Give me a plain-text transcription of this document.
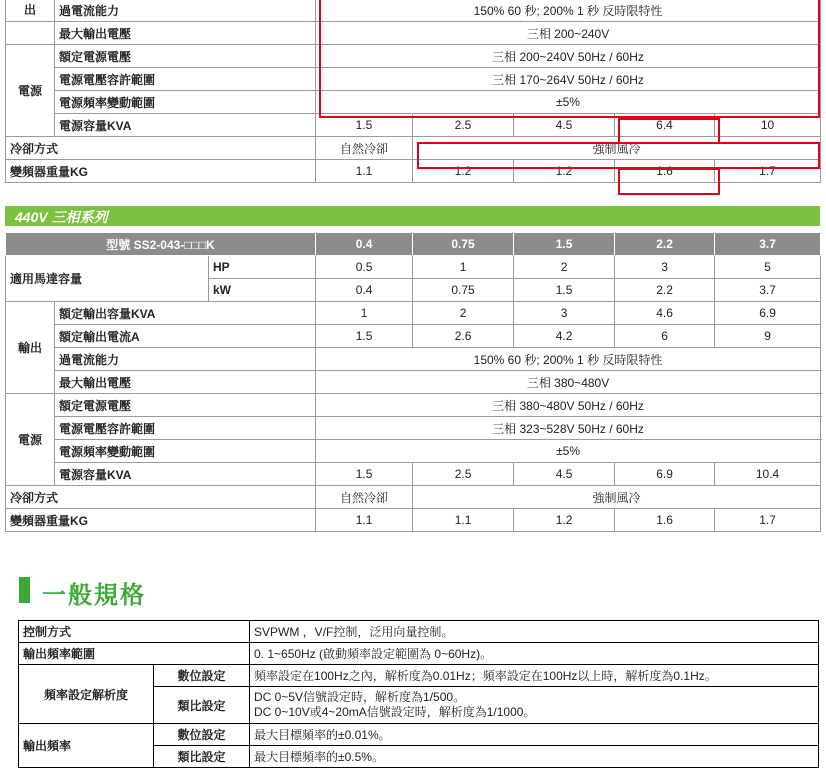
出	過電流能力	150% 60 秒; 200% 1 秒 反時限特性				
	最大輸出電壓	三相 200~240V				
電源	額定電源電壓	三相 200~240V 50Hz / 60Hz				
	電源電壓容許範圍	三相 170~264V 50Hz / 60Hz				
	電源頻率變動範圍	±5%				
	電源容量KVA	1.5	2.5	4.5	6.4	10
冷卻方式		自然冷卻	強制風冷			
變頻器重量KG		1.1	1.2	1.2	1.6	1.7
440V 三相系列
型號 SS2-043-□□□K			0.4	0.75	1.5	2.2	3.7	
適用馬達容量		HP	0.5	1	2	3	5	
		kW	0.4	0.75	1.5	2.2	3.7	
輸出	額定輸出容量KVA		1	2	3	4.6	6.9	
	額定輸出電流A		1.5	2.6	4.2	6	9	
	過電流能力		150% 60 秒; 200% 1 秒 反時限特性					
	最大輸出電壓		三相 380~480V					
電源	額定電源電壓		三相 380~480V 50Hz / 60Hz					
	電源電壓容許範圍		三相 323~528V 50Hz / 60Hz					
	電源頻率變動範圍		±5%					
	電源容量KVA		1.5	2.5	4.5	6.9	10.4	
冷卻方式			自然冷卻	強制風冷				
變頻器重量KG			1.1	1.1	1.2	1.6	1.7	
一般規格
控制方式		SVPWM ，V/F控制，泛用向量控制。
輸出頻率範圍		0. 1~650Hz (啟動頻率設定範圍為 0~60Hz)。
頻率設定解析度	數位設定	頻率設定在100Hz之內，解析度為0.01Hz；頻率設定在100Hz以上時，解析度為0.1Hz。
	類比設定	DC 0~5V信號設定時，解析度為1/500。
DC 0~10V或4~20mA信號設定時，解析度為1/1000。

輸出頻率	數位設定	最大目標頻率的±0.01%。
	類比設定	最大目標頻率的±0.5%。
